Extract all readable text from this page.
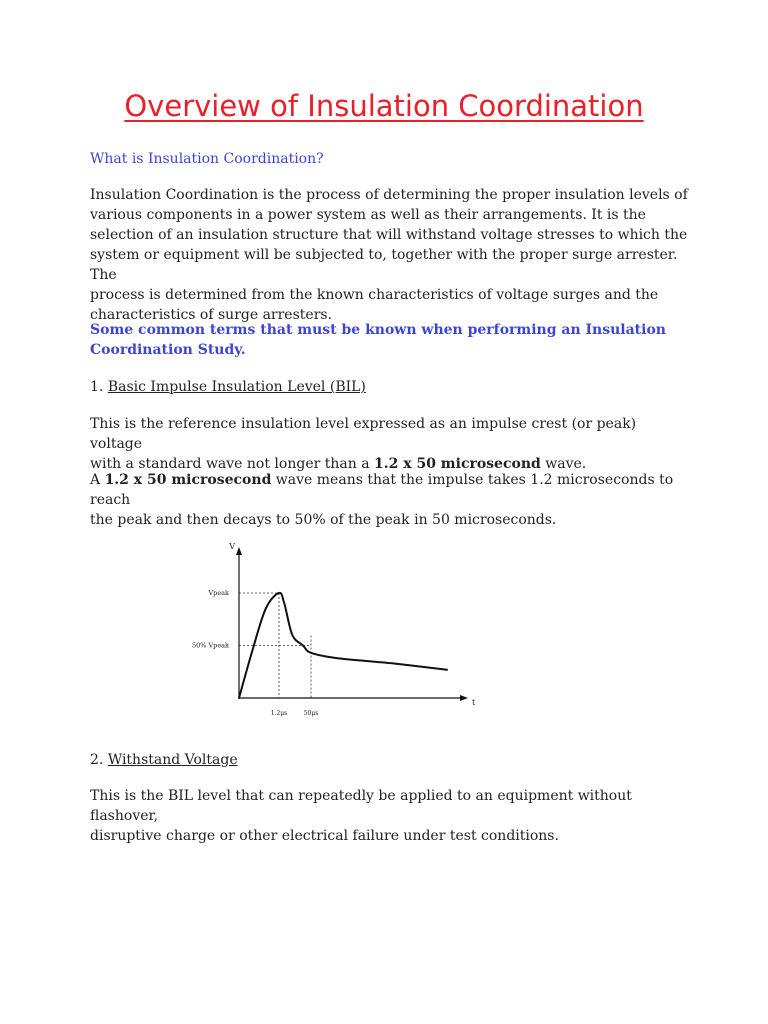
Overview of Insulation Coordination
What is Insulation Coordination?
Insulation Coordination is the process of determining the proper insulation levels of
various components in a power system as well as their arrangements. It is the
selection of an insulation structure that will withstand voltage stresses to which the
system or equipment will be subjected to, together with the proper surge arrester. The
process is determined from the known characteristics of voltage surges and the
characteristics of surge arresters.
Some common terms that must be known when performing an Insulation
Coordination Study.
1. Basic Impulse Insulation Level (BIL)
This is the reference insulation level expressed as an impulse crest (or peak) voltage
with a standard wave not longer than a 1.2 x 50 microsecond wave.
A 1.2 x 50 microsecond wave means that the impulse takes 1.2 microseconds to reach
the peak and then decays to 50% of the peak in 50 microseconds.
V
t
Vpeak
50% Vpeak
1.2μs	50μs
2. Withstand Voltage
This is the BIL level that can repeatedly be applied to an equipment without flashover,
disruptive charge or other electrical failure under test conditions.
